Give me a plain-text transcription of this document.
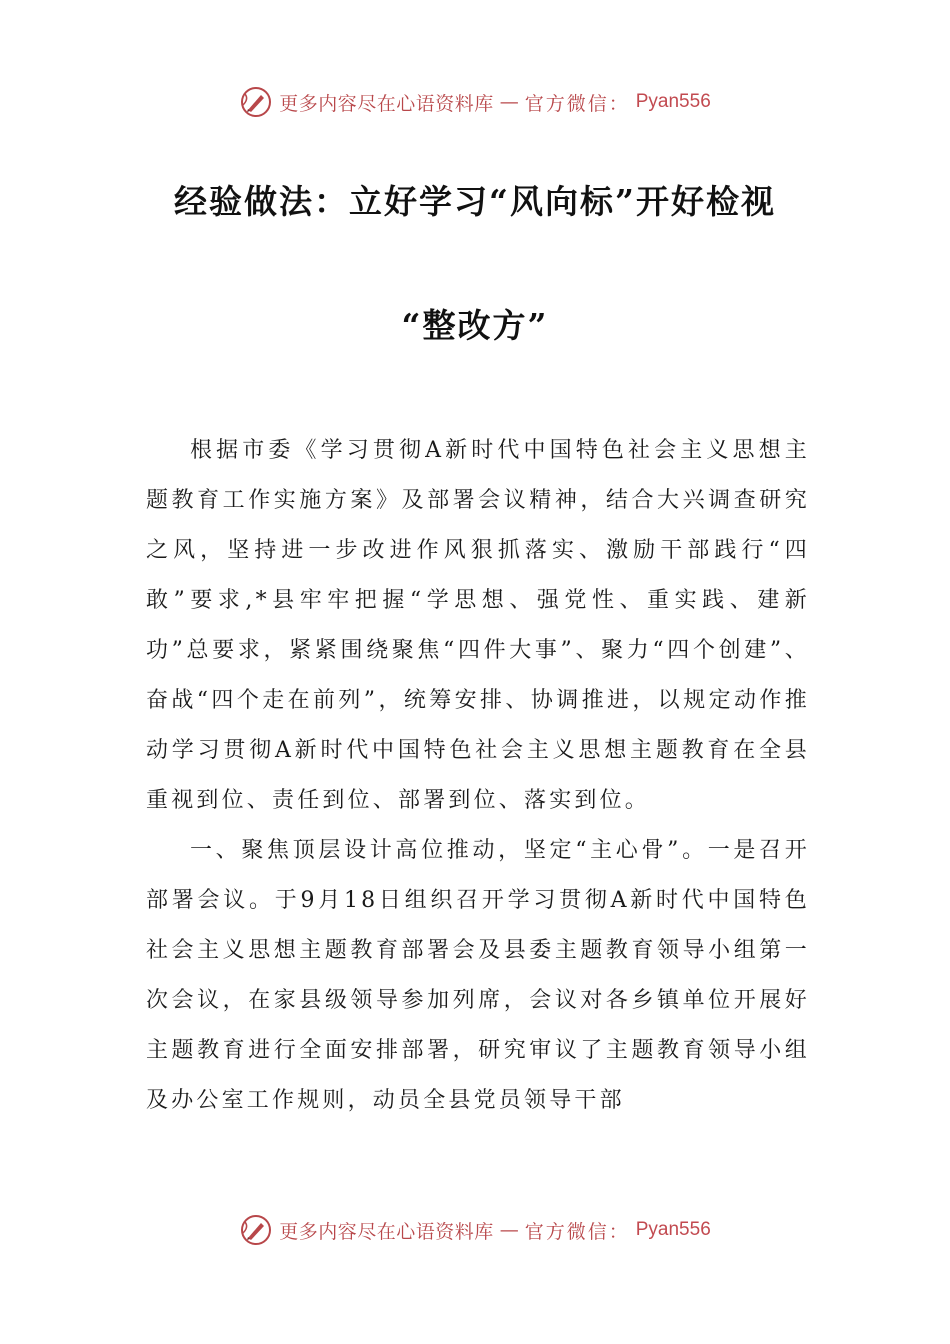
更多内容尽在心语资料库 — 官方微信： Pyan556
经验做法：立好学习“风向标”开好检视
“整改方”

根据市委《学习贯彻A新时代中国特色社会主义思想主题教育工作实施方案》及部署会议精神，结合大兴调查研究之风，坚持进一步改进作风狠抓落实、激励干部践行“四敢”要求,*县牢牢把握“学思想、强党性、重实践、建新功”总要求，紧紧围绕聚焦“四件大事”、聚力“四个创建”、奋战“四个走在前列”，统筹安排、协调推进，以规定动作推动学习贯彻A新时代中国特色社会主义思想主题教育在全县重视到位、责任到位、部署到位、落实到位。

一、聚焦顶层设计高位推动，坚定“主心骨”。一是召开部署会议。于9月18日组织召开学习贯彻A新时代中国特色社会主义思想主题教育部署会及县委主题教育领导小组第一次会议，在家县级领导参加列席，会议对各乡镇单位开展好主题教育进行全面安排部署，研究审议了主题教育领导小组及办公室工作规则，动员全县党员领导干部

更多内容尽在心语资料库 — 官方微信： Pyan556
